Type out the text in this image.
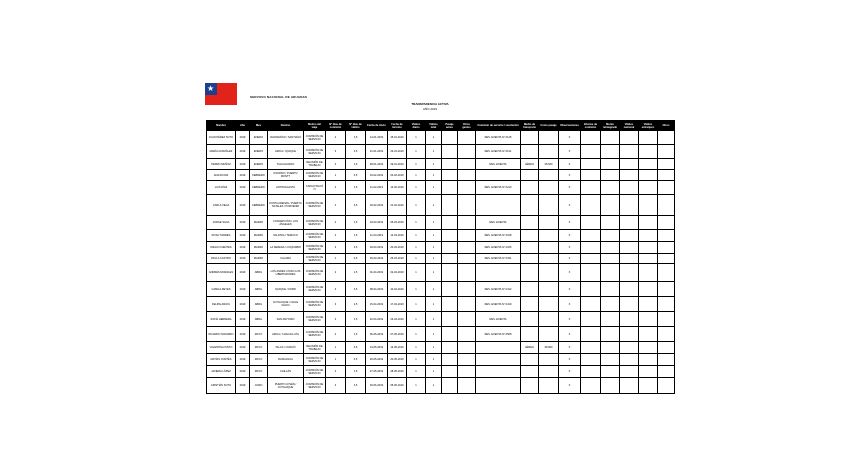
★
SERVICIO NACIONAL DE ADUANAS
TRANSPARENCIA ACTIVA
AÑO 2019
Nombre	Año	Mes	Destino	Motivo del viaje	Nº días de comisión	Nº días de viático	Fecha de inicio	Fecha de término	Viático diario	Viático total	Pasaje aéreo	Otros gastos	Comisión de servicio / resolución	Medio de transporte	Costo pasaje	Observaciones	Informe de comisión	Monto reintegrado	Viático nacional	Viático extranjero	Otros
JUAN PÉREZ SOTO	2019	ENERO	VALPARAÍSO / SANTIAGO	COMISIÓN DE SERVICIO	2	1,5	14-01-2019	15-01-2019	1	1			RES. EXENTA Nº 0125			X					
MARÍA GONZÁLEZ	2019	ENERO	ARICA / IQUIQUE	COMISIÓN DE SERVICIO	3	2,5	21-01-2019	23-01-2019	1	1			RES. EXENTA Nº 0131			X					
PEDRO MUÑOZ	2019	ENERO	TALCAHUANO	REUNIÓN DE TRABAJO	2	1,5	28-01-2019	29-01-2019	1	1			RES. EXENTA	AÉREO	45.600	X					
ANA ROJAS	2019	FEBRERO	OSORNO / PUERTO MONTT	COMISIÓN DE SERVICIO	1	0,5	04-02-2019	04-02-2019	1	1						X					
LUIS DÍAZ	2019	FEBRERO	ANTOFAGASTA	CAPACITACIÓN	2	1,5	11-02-2019	12-02-2019	1	1			RES. EXENTA Nº 0210			X					
CARLA VEGA	2019	FEBRERO	PUNTA ARENAS / PUERTO NATALES / PORVENIR	COMISIÓN DE SERVICIO	4	3,5	18-02-2019	21-02-2019	1	1						X					
JORGE SILVA	2019	MARZO	CONCEPCIÓN / LOS ÁNGELES	COMISIÓN DE SERVICIO	2	1,5	04-03-2019	05-03-2019	1	1			RES. EXENTA			X					
ROSA TORRES	2019	MARZO	VALDIVIA / TEMUCO	COMISIÓN DE SERVICIO	2	1,5	11-03-2019	12-03-2019	1	1			RES. EXENTA Nº 0318			X					
DIEGO FUENTES	2019	MARZO	LA SERENA / COQUIMBO	COMISIÓN DE SERVICIO	3	2,5	18-03-2019	20-03-2019	1	1			RES. EXENTA Nº 0325			X					
PAULA CASTRO	2019	MARZO	CALAMA	COMISIÓN DE SERVICIO	1	0,5	25-03-2019	25-03-2019	1	1			RES. EXENTA Nº 0331			X					
ANDRÉS MORALES	2019	ABRIL	LOS ANDES / PASO LOS LIBERTADORES	COMISIÓN DE SERVICIO	2	1,5	01-04-2019	02-04-2019	1	1						X					
CAMILA REYES	2019	ABRIL	IQUIQUE / ZOFRI	COMISIÓN DE SERVICIO	3	2,5	08-04-2019	10-04-2019	1	1			RES. EXENTA Nº 0412			X					
FELIPE ARAYA	2019	ABRIL	COYHAIQUE / CHILE CHICO	COMISIÓN DE SERVICIO	3	2,5	15-04-2019	17-04-2019	1	1			RES. EXENTA Nº 0419			X					
SOFÍA HERRERA	2019	ABRIL	SAN ANTONIO	COMISIÓN DE SERVICIO	2	1,5	22-04-2019	23-04-2019	1	1			RES. EXENTA			X					
RICARDO NAVARRO	2019	MAYO	ARICA / CHACALLUTA	COMISIÓN DE SERVICIO	2	1,5	06-05-2019	07-05-2019	1	1			RES. EXENTA Nº 0508			X					
VALENTINA PINTO	2019	MAYO	TALCA / CURICÓ	REUNIÓN DE TRABAJO	1	0,5	13-05-2019	13-05-2019	1	1				AÉREO	38.900	X					
MATÍAS CORTÉS	2019	MAYO	RANCAGUA	COMISIÓN DE SERVICIO	1	0,5	20-05-2019	20-05-2019	1	1						X					
JAVIERA LÓPEZ	2019	MAYO	CHILLÁN	COMISIÓN DE SERVICIO	2	1,5	27-05-2019	28-05-2019	1	1						X					
CRISTIÁN SOTO	2019	JUNIO	PUERTO AYSÉN / COYHAIQUE	COMISIÓN DE SERVICIO	3	2,5	03-06-2019	05-06-2019	1	1						X					
